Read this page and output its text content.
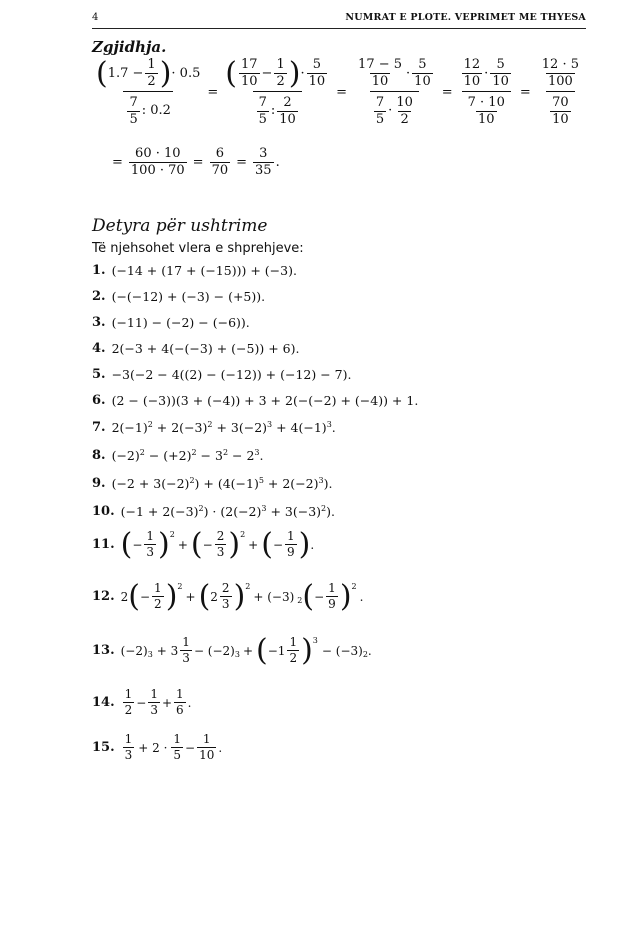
4	NUMRAT E PLOTE. VEPRIMET ME THYESA
Zgjidhja.
$\frac{( 1.7 - \frac{1}{2} ) \cdot 0.5}{\frac{7}{5} : 0.2} = \frac{( \frac{17}{10} - \frac{1}{2} ) \cdot \frac{5}{10}}{\frac{7}{5} : \frac{2}{10}} = \frac{\frac{17 - 5}{10} \cdot \frac{5}{10}}{\frac{7}{5} \cdot \frac{10}{2}} = \frac{\frac{12}{10} \cdot \frac{5}{10}}{\frac{7 \cdot 10}{10}} = \frac{\frac{12 \cdot 5}{100}}{\frac{70}{10}}$
= $\frac{60 \cdot 10}{100 \cdot 70} = \frac{6}{70} = \frac{3}{35}$ .
Detyra për ushtrime
Të njehsohet vlera e shprehjeve:
1. (−14 + (17 + (−15))) + (−3).
2. (−(−12) + (−3) − (+5)).
3. (−11) − (−2) − (−6)).
4. 2(−3 + 4(−(−3) + (−5)) + 6).
5. −3(−2 − 4((2) − (−12)) + (−12) − 7).
6. (2 − (−3))(3 + (−4)) + 3 + 2(−(−2) + (−4)) + 1.
7. $2(-1)^2 + 2(-3)^2 + 3(-2)^3 + 4(-1)^3$.
8. $(-2)^2 - (+2)^2 - 3^2 - 2^3$.
9. $(-2 + 3(-2)^2) + (4(-1)^5 + 2(-2)^3)$.
10. $(-1 + 2(-3)^2) \cdot (2(-2)^3 + 3(-3)^2)$.
11. ( − $\frac{1}{3}$ ) 2
+ ( − $\frac{2}{3}$ ) 2
+ ( − $\frac{1}{9}$ ) .
12. 2 ( − $\frac{1}{2}$ ) 2
+ ( $2 \frac{2}{3}$ ) 2
+ (−3) 2 ( − $\frac{1}{9}$ ) 2
.
13. (−2) $3 + 3 \frac{1}{3} - (-2) 3$ + ( $-1 \frac{1}{2}$ ) 3
− (−3) 2 .
14. $\frac{1}{2} - \frac{1}{3} + \frac{1}{6}$ .
15. $\frac{1}{3} + 2 \cdot \frac{1}{5} - \frac{1}{10}$ .
